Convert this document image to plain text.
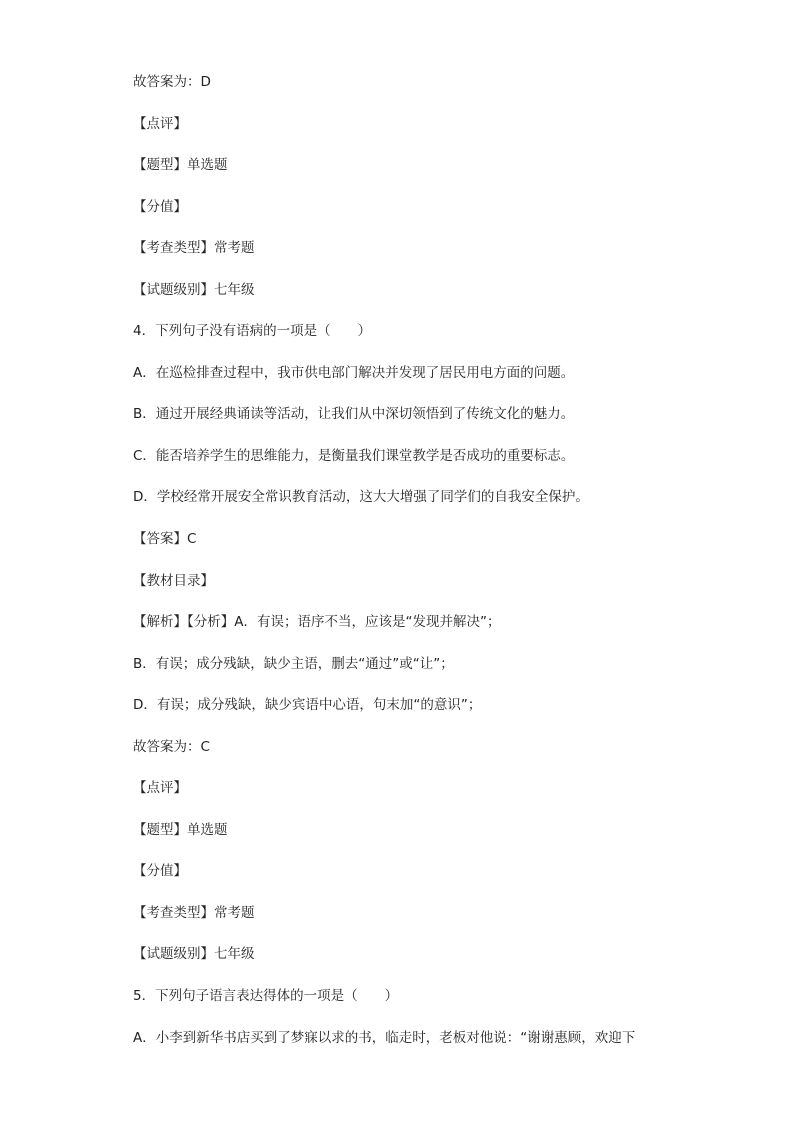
故答案为：D
【点评】
【题型】单选题
【分值】
【考查类型】常考题
【试题级别】七年级
4．下列句子没有语病的一项是（　　）
A．在巡检排查过程中，我市供电部门解决并发现了居民用电方面的问题。
B．通过开展经典诵读等活动，让我们从中深切领悟到了传统文化的魅力。
C．能否培养学生的思维能力，是衡量我们课堂教学是否成功的重要标志。
D．学校经常开展安全常识教育活动，这大大增强了同学们的自我安全保护。
【答案】C
【教材目录】
【解析】【分析】A．有误；语序不当，应该是“发现并解决”；
B．有误；成分残缺，缺少主语，删去“通过”或“让”；
D．有误；成分残缺，缺少宾语中心语，句末加“的意识”；
故答案为：C
【点评】
【题型】单选题
【分值】
【考查类型】常考题
【试题级别】七年级
5．下列句子语言表达得体的一项是（　　）
A．小李到新华书店买到了梦寐以求的书，临走时，老板对他说：“谢谢惠顾，欢迎下
